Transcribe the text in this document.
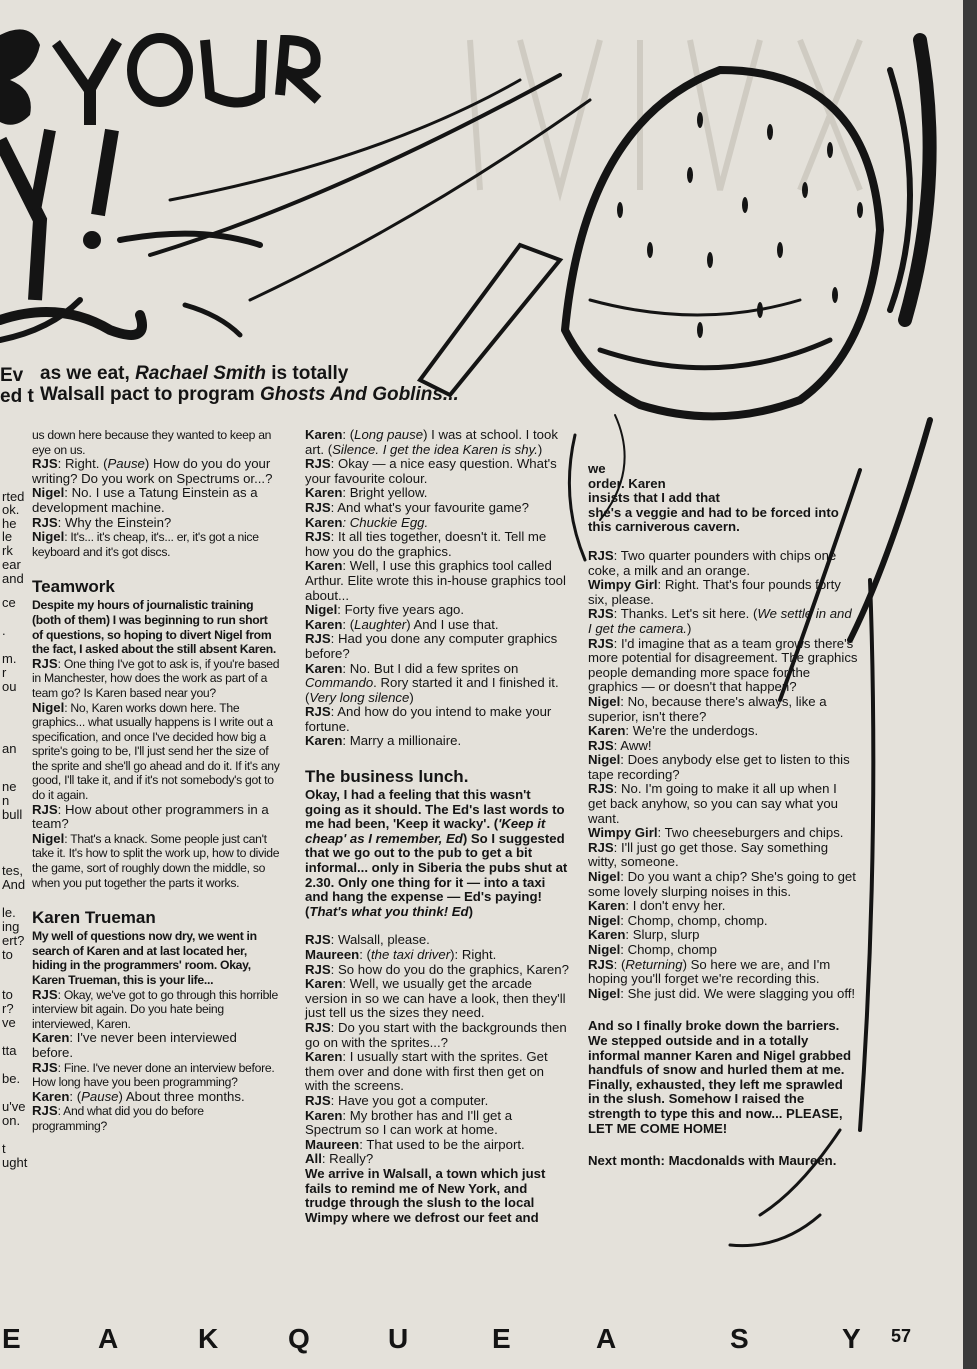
Ev
ed t
as we eat, Rachael Smith is totally
Walsall pact to program Ghosts And Goblins...
rted
ok.
he
le
rk
ear
and
ce
.
m.
r
ou
an
ne
n
bull
tes,
And
le.
ing
ert?
to
to
r?
ve
tta
be.
u've
on.
t
ught

us down here because they wanted to keep an eye on us.

RJS: Right. (Pause) How do you do your writing? Do you work on Spectrums or...?

Nigel: No. I use a Tatung Einstein as a development machine.

RJS: Why the Einstein?

Nigel: It's... it's cheap, it's... er, it's got a nice keyboard and it's got discs.

Teamwork

Despite my hours of journalistic training (both of them) I was beginning to run short of questions, so hoping to divert Nigel from the fact, I asked about the still absent Karen.

RJS: One thing I've got to ask is, if you're based in Manchester, how does the work as part of a team go? Is Karen based near you?

Nigel: No, Karen works down here. The graphics... what usually happens is I write out a specification, and once I've decided how big a sprite's going to be, I'll just send her the size of the sprite and she'll go ahead and do it. If it's any good, I'll take it, and if it's not somebody's got to do it again.

RJS: How about other programmers in a team?

Nigel: That's a knack. Some people just can't take it. It's how to split the work up, how to divide the game, sort of roughly down the middle, so when you put together the parts it works.

Karen Trueman

My well of questions now dry, we went in search of Karen and at last located her, hiding in the programmers' room. Okay, Karen Trueman, this is your life...

RJS: Okay, we've got to go through this horrible interview bit again. Do you hate being interviewed, Karen.

Karen: I've never been interviewed before.

RJS: Fine. I've never done an interview before. How long have you been programming?

Karen: (Pause) About three months.

RJS: And what did you do before programming?

Karen: (Long pause) I was at school. I took art. (Silence. I get the idea Karen is shy.)

RJS: Okay — a nice easy question. What's your favourite colour.

Karen: Bright yellow.

RJS: And what's your favourite game?

Karen: Chuckie Egg.

RJS: It all ties together, doesn't it. Tell me how you do the graphics.

Karen: Well, I use this graphics tool called Arthur. Elite wrote this in-house graphics tool about...

Nigel: Forty five years ago.

Karen: (Laughter) And I use that.

RJS: Had you done any computer graphics before?

Karen: No. But I did a few sprites on Commando. Rory started it and I finished it. (Very long silence)

RJS: And how do you intend to make your fortune.

Karen: Marry a millionaire.

The business lunch.

Okay, I had a feeling that this wasn't going as it should. The Ed's last words to me had been, 'Keep it wacky'. ('Keep it cheap' as I remember, Ed) So I suggested that we go out to the pub to get a bit informal... only in Siberia the pubs shut at 2.30. Only one thing for it — into a taxi and hang the expense — Ed's paying! (That's what you think! Ed)

RJS: Walsall, please.

Maureen: (the taxi driver): Right.

RJS: So how do you do the graphics, Karen?

Karen: Well, we usually get the arcade version in so we can have a look, then they'll just tell us the sizes they need.

RJS: Do you start with the backgrounds then go on with the sprites...?

Karen: I usually start with the sprites. Get them over and done with first then get on with the screens.

RJS: Have you got a computer.

Karen: My brother has and I'll get a Spectrum so I can work at home.

Maureen: That used to be the airport.

All: Really?

We arrive in Walsall, a town which just fails to remind me of New York, and trudge through the slush to the local Wimpy where we defrost our feet and

we

order. Karen

insists that I add that

she's a veggie and had to be forced into this carniverous cavern.

RJS: Two quarter pounders with chips one coke, a milk and an orange.

Wimpy Girl: Right. That's four pounds forty six, please.

RJS: Thanks. Let's sit here. (We settle in and I get the camera.)

RJS: I'd imagine that as a team grows there's more potential for disagreement. The graphics people demanding more space for the graphics — or doesn't that happen?

Nigel: No, because there's always, like a superior, isn't there?

Karen: We're the underdogs.

RJS: Aww!

Nigel: Does anybody else get to listen to this tape recording?

RJS: No. I'm going to make it all up when I get back anyhow, so you can say what you want.

Wimpy Girl: Two cheeseburgers and chips.

RJS: I'll just go get those. Say something witty, someone.

Nigel: Do you want a chip? She's going to get some lovely slurping noises in this.

Karen: I don't envy her.

Nigel: Chomp, chomp, chomp.

Karen: Slurp, slurp

Nigel: Chomp, chomp

RJS: (Returning) So here we are, and I'm hoping you'll forget we're recording this.

Nigel: She just did. We were slagging you off!

And so I finally broke down the barriers. We stepped outside and in a totally informal manner Karen and Nigel grabbed handfuls of snow and hurled them at me. Finally, exhausted, they left me sprawled in the slush. Somehow I raised the strength to type this and now... PLEASE, LET ME COME HOME!

Next month: Macdonalds with Maureen.

E	A	K Q	U	E	A	S	Y 57
